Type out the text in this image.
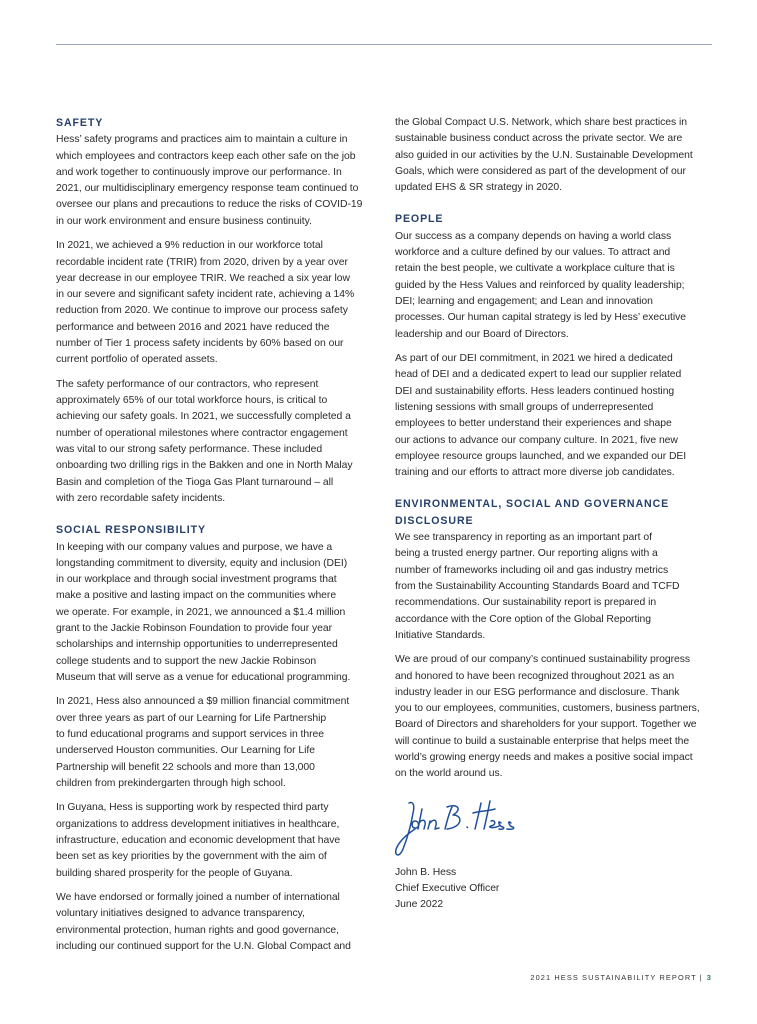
SAFETY

Hess’ safety programs and practices aim to maintain a culture in
which employees and contractors keep each other safe on the job
and work together to continuously improve our performance. In
2021, our multidisciplinary emergency response team continued to
oversee our plans and precautions to reduce the risks of COVID-19
in our work environment and ensure business continuity.

In 2021, we achieved a 9% reduction in our workforce total
recordable incident rate (TRIR) from 2020, driven by a year over
year decrease in our employee TRIR. We reached a six year low
in our severe and significant safety incident rate, achieving a 14%
reduction from 2020. We continue to improve our process safety
performance and between 2016 and 2021 have reduced the
number of Tier 1 process safety incidents by 60% based on our
current portfolio of operated assets.

The safety performance of our contractors, who represent
approximately 65% of our total workforce hours, is critical to
achieving our safety goals. In 2021, we successfully completed a
number of operational milestones where contractor engagement
was vital to our strong safety performance. These included
onboarding two drilling rigs in the Bakken and one in North Malay
Basin and completion of the Tioga Gas Plant turnaround – all
with zero recordable safety incidents.

SOCIAL RESPONSIBILITY

In keeping with our company values and purpose, we have a
longstanding commitment to diversity, equity and inclusion (DEI)
in our workplace and through social investment programs that
make a positive and lasting impact on the communities where
we operate. For example, in 2021, we announced a $1.4 million
grant to the Jackie Robinson Foundation to provide four year
scholarships and internship opportunities to underrepresented
college students and to support the new Jackie Robinson
Museum that will serve as a venue for educational programming.

In 2021, Hess also announced a $9 million financial commitment
over three years as part of our Learning for Life Partnership
to fund educational programs and support services in three
underserved Houston communities. Our Learning for Life
Partnership will benefit 22 schools and more than 13,000
children from prekindergarten through high school.

In Guyana, Hess is supporting work by respected third party
organizations to address development initiatives in healthcare,
infrastructure, education and economic development that have
been set as key priorities by the government with the aim of
building shared prosperity for the people of Guyana.

We have endorsed or formally joined a number of international
voluntary initiatives designed to advance transparency,
environmental protection, human rights and good governance,
including our continued support for the U.N. Global Compact and

the Global Compact U.S. Network, which share best practices in
sustainable business conduct across the private sector. We are
also guided in our activities by the U.N. Sustainable Development
Goals, which were considered as part of the development of our
updated EHS & SR strategy in 2020.

PEOPLE

Our success as a company depends on having a world class
workforce and a culture defined by our values. To attract and
retain the best people, we cultivate a workplace culture that is
guided by the Hess Values and reinforced by quality leadership;
DEI; learning and engagement; and Lean and innovation
processes. Our human capital strategy is led by Hess’ executive
leadership and our Board of Directors.

As part of our DEI commitment, in 2021 we hired a dedicated
head of DEI and a dedicated expert to lead our supplier related
DEI and sustainability efforts. Hess leaders continued hosting
listening sessions with small groups of underrepresented
employees to better understand their experiences and shape
our actions to advance our company culture. In 2021, five new
employee resource groups launched, and we expanded our DEI
training and our efforts to attract more diverse job candidates.

ENVIRONMENTAL, SOCIAL AND GOVERNANCE
DISCLOSURE

We see transparency in reporting as an important part of
being a trusted energy partner. Our reporting aligns with a
number of frameworks including oil and gas industry metrics
from the Sustainability Accounting Standards Board and TCFD
recommendations. Our sustainability report is prepared in
accordance with the Core option of the Global Reporting
Initiative Standards.

We are proud of our company’s continued sustainability progress
and honored to have been recognized throughout 2021 as an
industry leader in our ESG performance and disclosure. Thank
you to our employees, communities, customers, business partners,
Board of Directors and shareholders for your support. Together we
will continue to build a sustainable enterprise that helps meet the
world’s growing energy needs and makes a positive social impact
on the world around us.

John B. Hess

Chief Executive Officer

June 2022

2021 HESS SUSTAINABILITY REPORT | 3
